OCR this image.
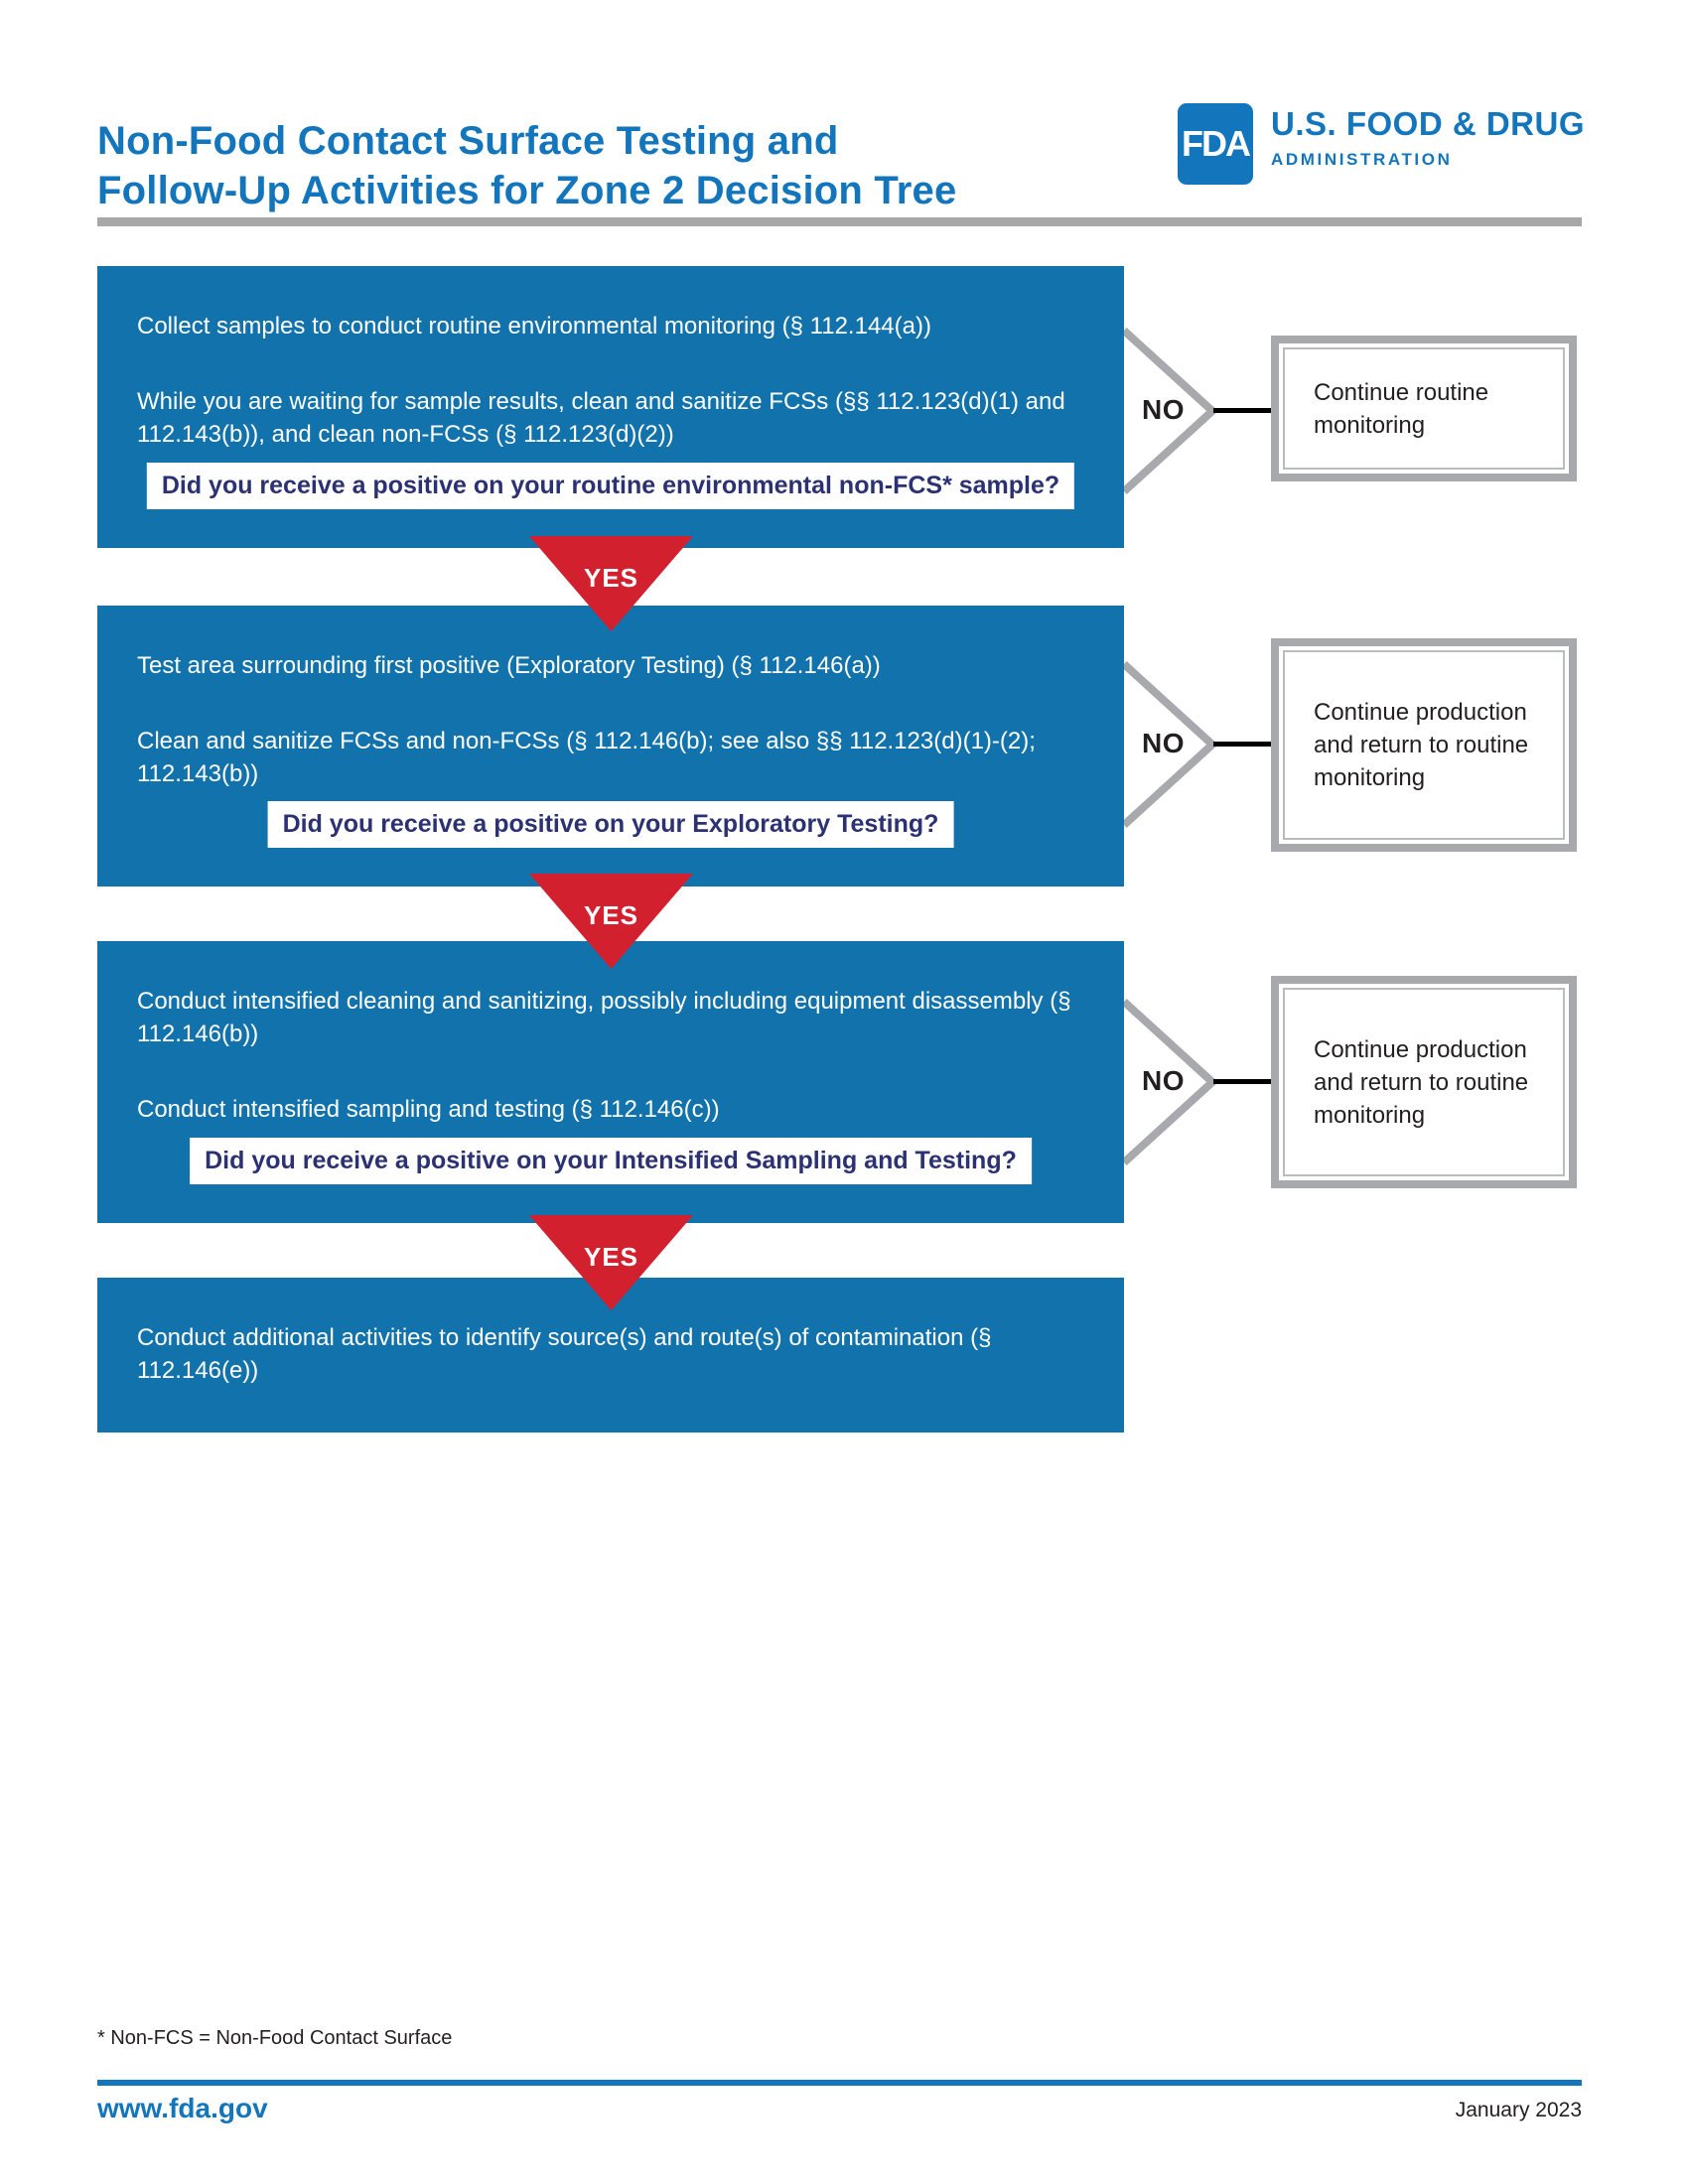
Non-Food Contact Surface Testing and
Follow-Up Activities for Zone 2 Decision Tree
FDA U.S. FOOD & DRUG
ADMINISTRATION

Collect samples to conduct routine environmental monitoring (§ 112.144(a))

While you are waiting for sample results, clean and sanitize FCSs (§§ 112.123(d)(1) and 112.143(b)), and clean non-FCSs (§ 112.123(d)(2))

Did you receive a positive on your routine environmental non-FCS* sample?
NO

Continue routine monitoring

YES

Test area surrounding first positive (Exploratory Testing) (§ 112.146(a))

Clean and sanitize FCSs and non-FCSs (§ 112.146(b); see also §§ 112.123(d)(1)-(2); 112.143(b))

Did you receive a positive on your Exploratory Testing?
NO

Continue production and return to routine monitoring

YES

Conduct intensified cleaning and sanitizing, possibly including equipment disassembly (§ 112.146(b))

Conduct intensified sampling and testing (§ 112.146(c))

Did you receive a positive on your Intensified Sampling and Testing?
NO

Continue production and return to routine monitoring

YES

Conduct additional activities to identify source(s) and route(s) of contamination (§ 112.146(e))

* Non-FCS = Non-Food Contact Surface
www.fda.gov	January 2023
